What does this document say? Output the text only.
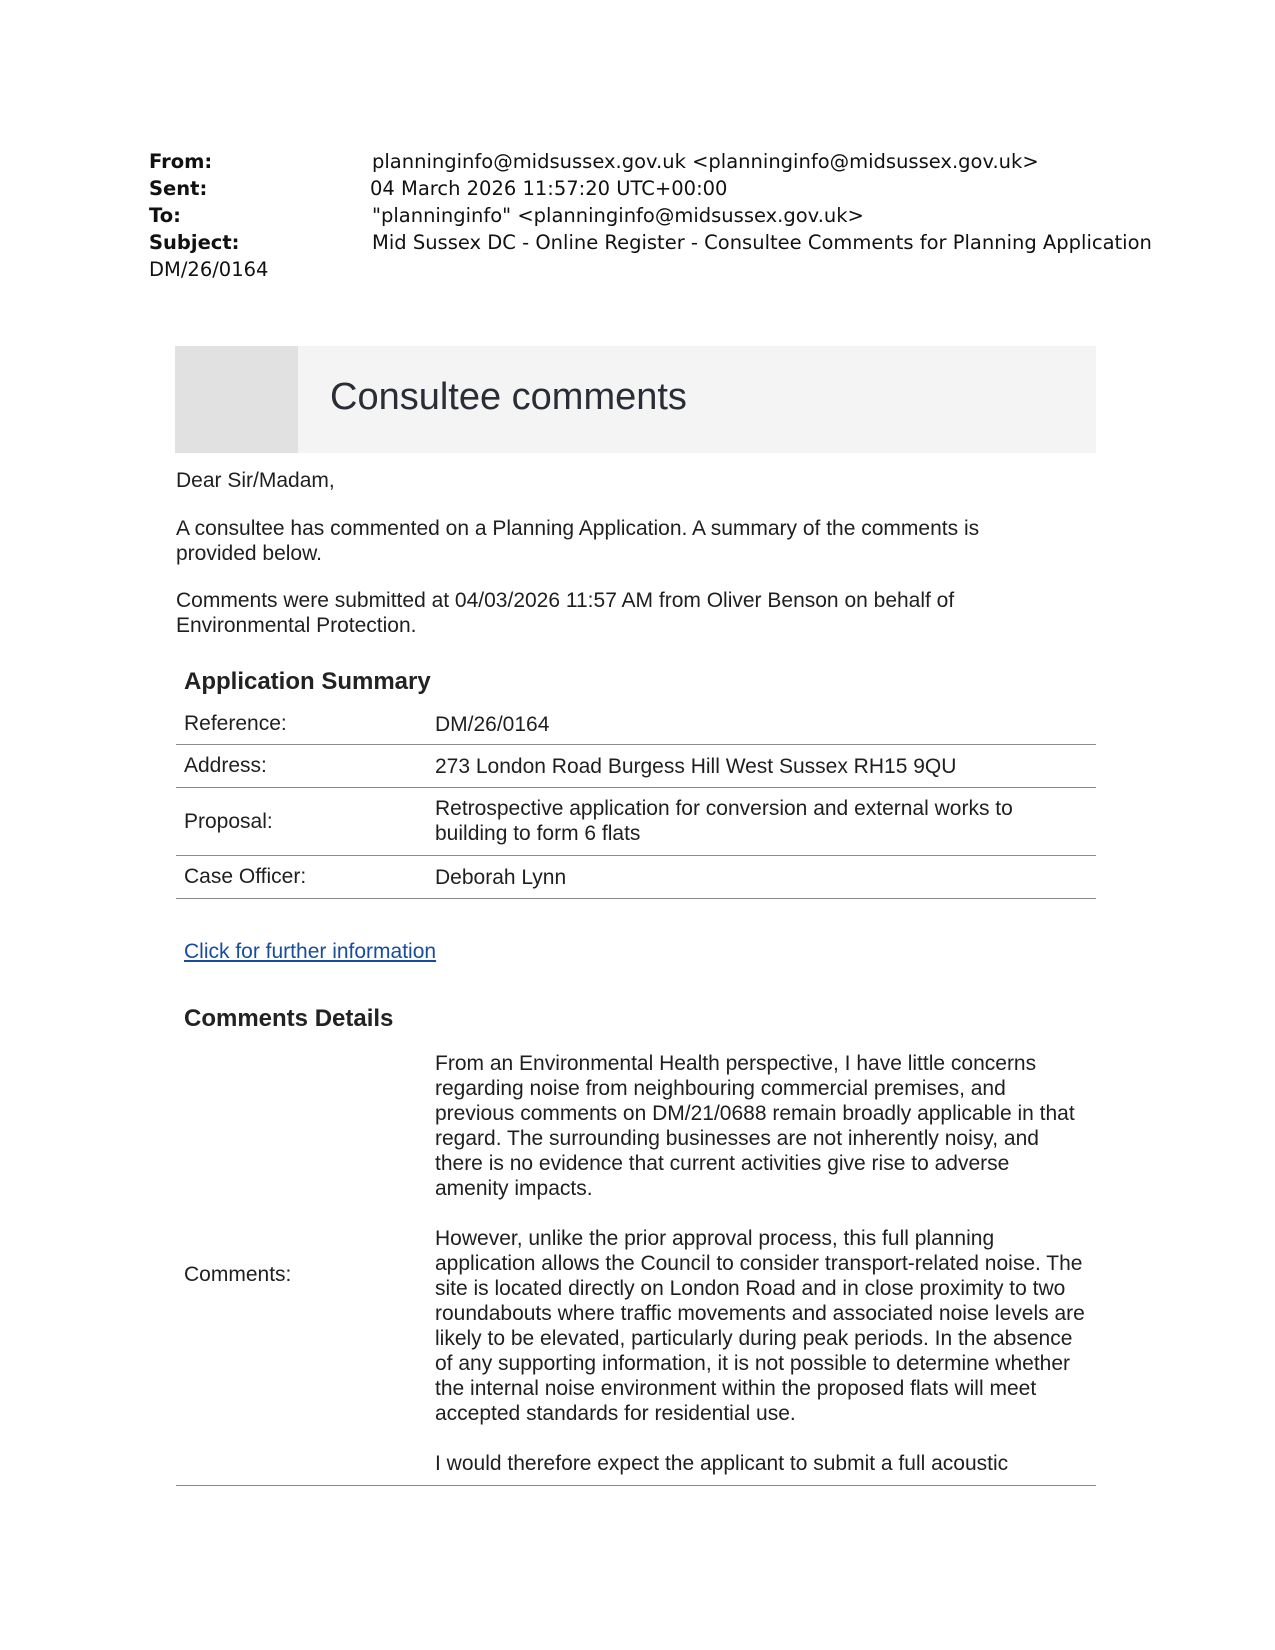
From:	planninginfo@midsussex.gov.uk <planninginfo@midsussex.gov.uk>
Sent:	04 March 2026 11:57:20 UTC+00:00
To:	"planninginfo" <planninginfo@midsussex.gov.uk>
Subject:	Mid Sussex DC - Online Register - Consultee Comments for Planning Application
DM/26/0164
Consultee comments
Dear Sir/Madam,
A consultee has commented on a Planning Application. A summary of the comments is provided below.
Comments were submitted at 04/03/2026 11:57 AM from Oliver Benson on behalf of Environmental Protection.
Application Summary
Reference:	DM/26/0164
Address:	273 London Road Burgess Hill West Sussex RH15 9QU
Proposal:
Retrospective application for conversion and external works to building to form 6 flats
Case Officer:	Deborah Lynn
Click for further information
Comments Details
Comments:

From an Environmental Health perspective, I have little concerns regarding noise from neighbouring commercial premises, and previous comments on DM/21/0688 remain broadly applicable in that regard. The surrounding businesses are not inherently noisy, and there is no evidence that current activities give rise to adverse amenity impacts.

However, unlike the prior approval process, this full planning application allows the Council to consider transport-related noise. The site is located directly on London Road and in close proximity to two roundabouts where traffic movements and associated noise levels are likely to be elevated, particularly during peak periods. In the absence of any supporting information, it is not possible to determine whether the internal noise environment within the proposed flats will meet accepted standards for residential use.

I would therefore expect the applicant to submit a full acoustic
